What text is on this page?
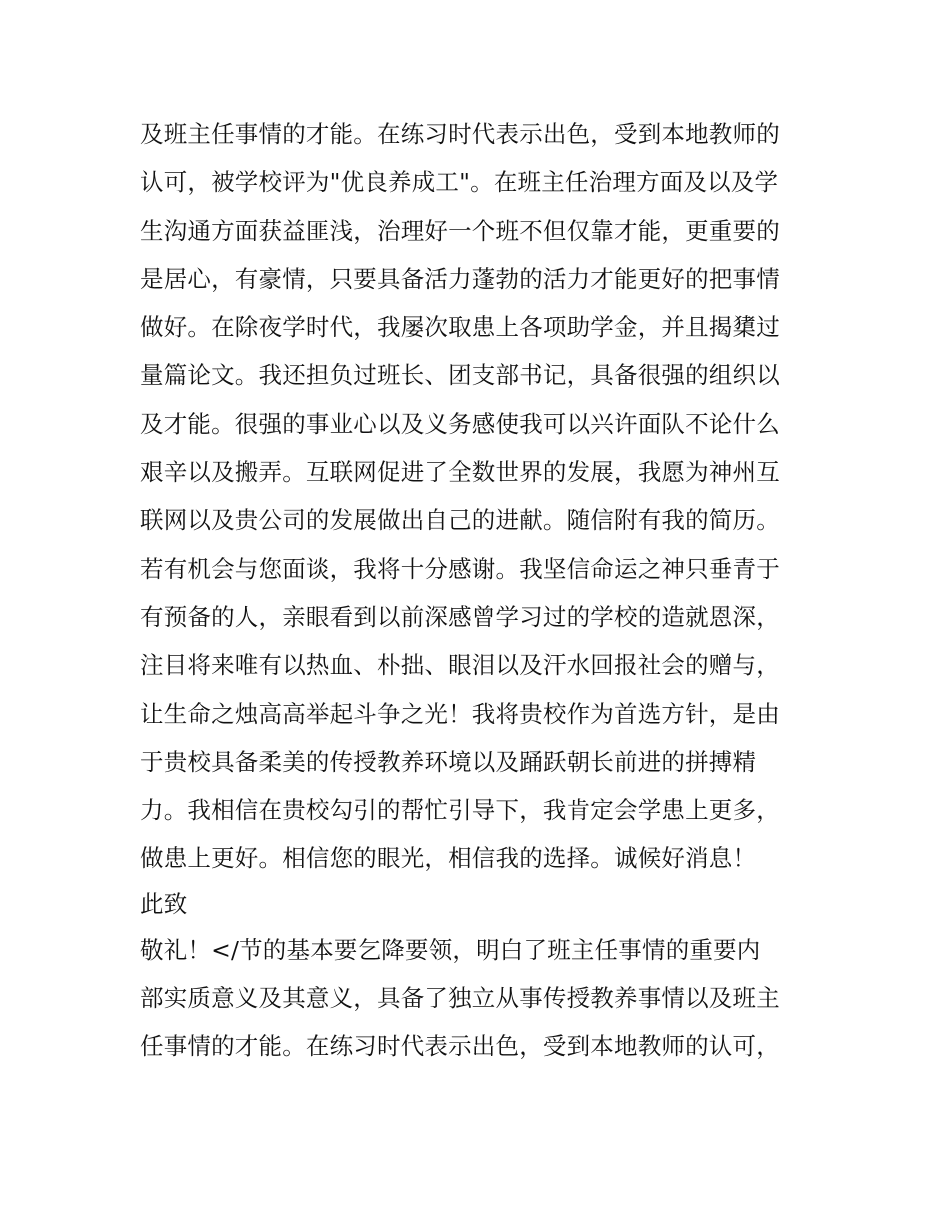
及班主任事情的才能。在练习时代表示出色，受到本地教师的
认可，被学校评为"优良养成工"。在班主任治理方面及以及学
生沟通方面获益匪浅，治理好一个班不但仅靠才能，更重要的
是居心，有豪情，只要具备活力蓬勃的活力才能更好的把事情
做好。在除夜学时代，我屡次取患上各项助学金，并且揭橥过
量篇论文。我还担负过班长、团支部书记，具备很强的组织以
及才能。很强的事业心以及义务感使我可以兴许面队不论什么
艰辛以及搬弄。互联网促进了全数世界的发展，我愿为神州互
联网以及贵公司的发展做出自己的进献。随信附有我的简历。
若有机会与您面谈，我将十分感谢。我坚信命运之神只垂青于
有预备的人，亲眼看到以前深感曾学习过的学校的造就恩深，
注目将来唯有以热血、朴拙、眼泪以及汗水回报社会的赠与，
让生命之烛高高举起斗争之光！我将贵校作为首选方针，是由
于贵校具备柔美的传授教养环境以及踊跃朝长前进的拼搏精
力。我相信在贵校勾引的帮忙引导下，我肯定会学患上更多，
做患上更好。相信您的眼光，相信我的选择。诚候好消息！
此致
敬礼！</节的基本要乞降要领，明白了班主任事情的重要内
部实质意义及其意义，具备了独立从事传授教养事情以及班主
任事情的才能。在练习时代表示出色，受到本地教师的认可，
